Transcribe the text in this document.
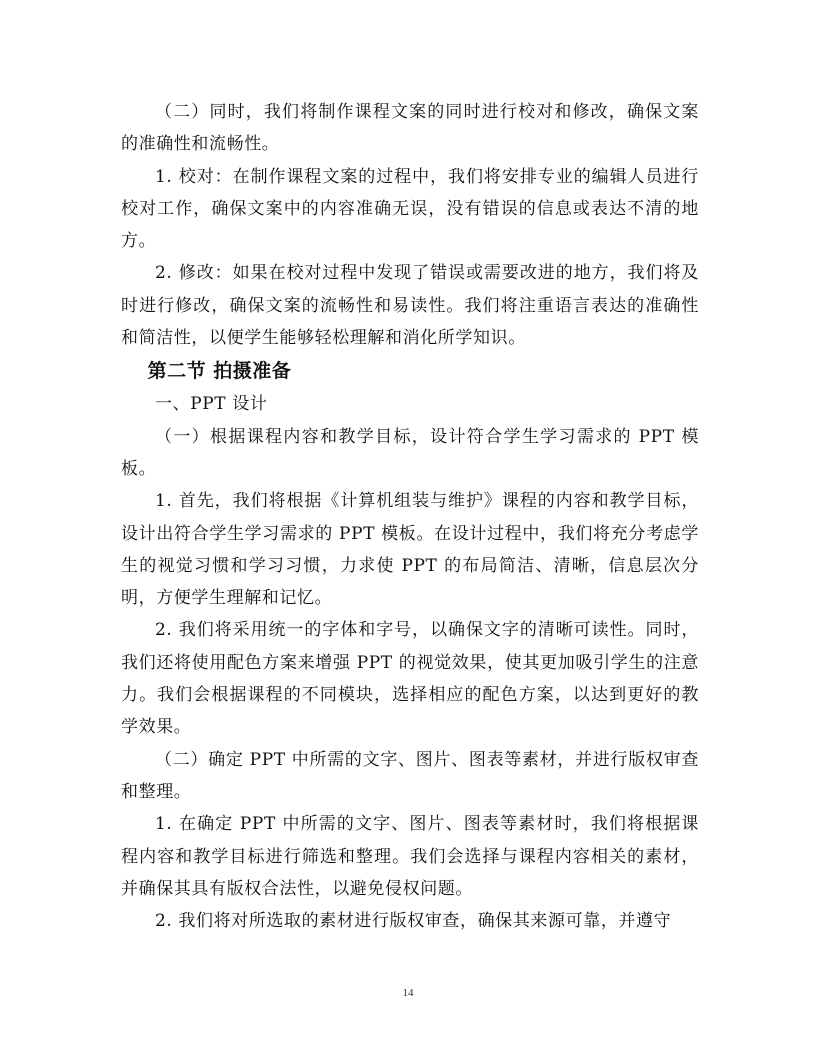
（二）同时，我们将制作课程文案的同时进行校对和修改，确保文案的准确性和流畅性。

1. 校对：在制作课程文案的过程中，我们将安排专业的编辑人员进行校对工作，确保文案中的内容准确无误，没有错误的信息或表达不清的地方。

2. 修改：如果在校对过程中发现了错误或需要改进的地方，我们将及时进行修改，确保文案的流畅性和易读性。我们将注重语言表达的准确性和简洁性，以便学生能够轻松理解和消化所学知识。

第二节 拍摄准备

一、PPT 设计

（一）根据课程内容和教学目标，设计符合学生学习需求的 PPT 模板。

1. 首先，我们将根据《计算机组装与维护》课程的内容和教学目标，设计出符合学生学习需求的 PPT 模板。在设计过程中，我们将充分考虑学生的视觉习惯和学习习惯，力求使 PPT 的布局简洁、清晰，信息层次分明，方便学生理解和记忆。

2. 我们将采用统一的字体和字号，以确保文字的清晰可读性。同时，我们还将使用配色方案来增强 PPT 的视觉效果，使其更加吸引学生的注意力。我们会根据课程的不同模块，选择相应的配色方案，以达到更好的教学效果。

（二）确定 PPT 中所需的文字、图片、图表等素材，并进行版权审查和整理。

1. 在确定 PPT 中所需的文字、图片、图表等素材时，我们将根据课程内容和教学目标进行筛选和整理。我们会选择与课程内容相关的素材，并确保其具有版权合法性，以避免侵权问题。

2. 我们将对所选取的素材进行版权审查，确保其来源可靠，并遵守

14
